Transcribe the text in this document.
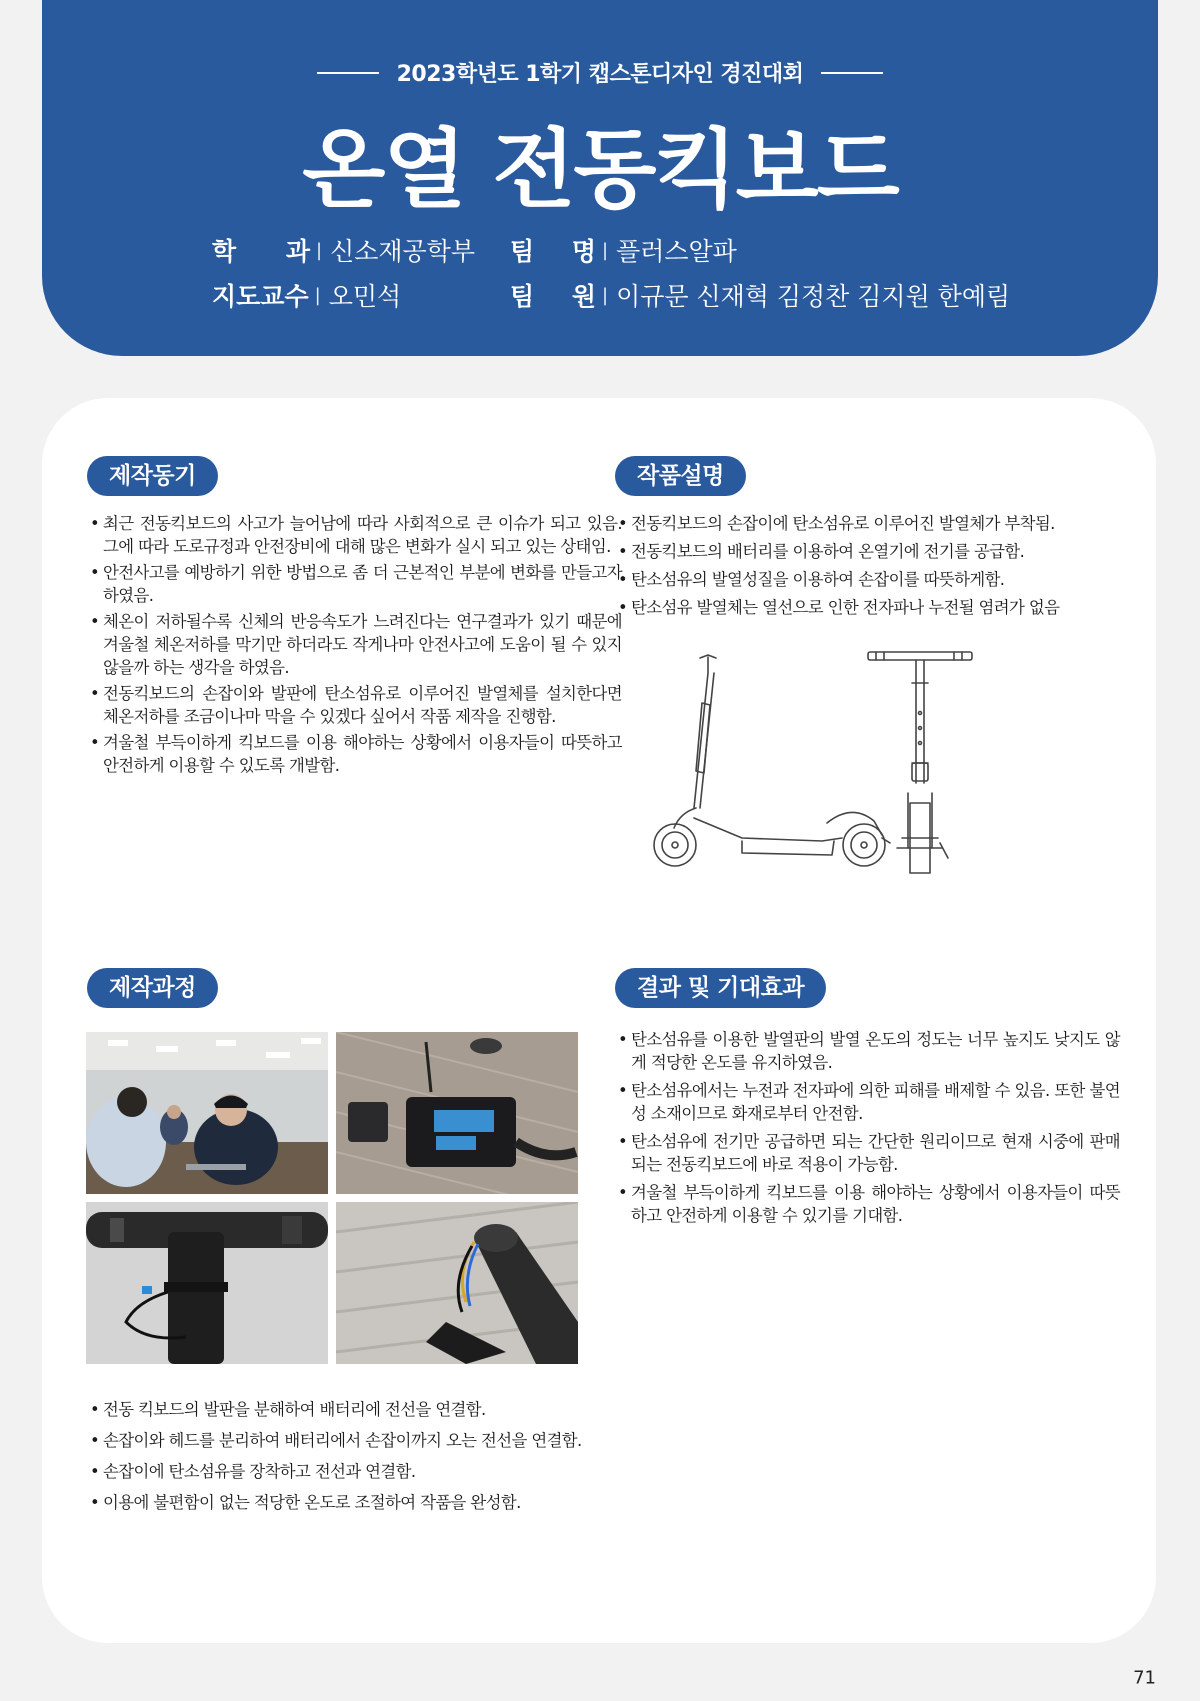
2023학년도 1학기 캡스톤디자인 경진대회
온열 전동킥보드
학 과 | 신소재공학부 팀 명 | 플러스알파
지도교수 | 오민석	팀 원 | 이규문 신재혁 김정찬 김지원 한예림
제작동기
• 최근 전동킥보드의 사고가 늘어남에 따라 사회적으로 큰 이슈가 되고 있음. 그에 따라 도로규정과 안전장비에 대해 많은 변화가 실시 되고 있는 상태임.
• 안전사고를 예방하기 위한 방법으로 좀 더 근본적인 부분에 변화를 만들고자 하였음.
• 체온이 저하될수록 신체의 반응속도가 느려진다는 연구결과가 있기 때문에 겨울철 체온저하를 막기만 하더라도 작게나마 안전사고에 도움이 될 수 있지 않을까 하는 생각을 하였음.
• 전동킥보드의 손잡이와 발판에 탄소섬유로 이루어진 발열체를 설치한다면 체온저하를 조금이나마 막을 수 있겠다 싶어서 작품 제작을 진행함.
• 겨울철 부득이하게 킥보드를 이용 해야하는 상황에서 이용자들이 따뜻하고 안전하게 이용할 수 있도록 개발함.
작품설명
• 전동킥보드의 손잡이에 탄소섬유로 이루어진 발열체가 부착됨.
• 전동킥보드의 배터리를 이용하여 온열기에 전기를 공급함.
• 탄소섬유의 발열성질을 이용하여 손잡이를 따뜻하게함.
• 탄소섬유 발열체는 열선으로 인한 전자파나 누전될 염려가 없음
제작과정
• 전동 킥보드의 발판을 분해하여 배터리에 전선을 연결함.
• 손잡이와 헤드를 분리하여 배터리에서 손잡이까지 오는 전선을 연결함.
• 손잡이에 탄소섬유를 장착하고 전선과 연결함.
• 이용에 불편함이 없는 적당한 온도로 조절하여 작품을 완성함.
결과 및 기대효과
• 탄소섬유를 이용한 발열판의 발열 온도의 정도는 너무 높지도 낮지도 않게 적당한 온도를 유지하였음.
• 탄소섬유에서는 누전과 전자파에 의한 피해를 배제할 수 있음. 또한 불연성 소재이므로 화재로부터 안전함.
• 탄소섬유에 전기만 공급하면 되는 간단한 원리이므로 현재 시중에 판매되는 전동킥보드에 바로 적용이 가능함.
• 겨울철 부득이하게 킥보드를 이용 해야하는 상황에서 이용자들이 따뜻하고 안전하게 이용할 수 있기를 기대함.
71
